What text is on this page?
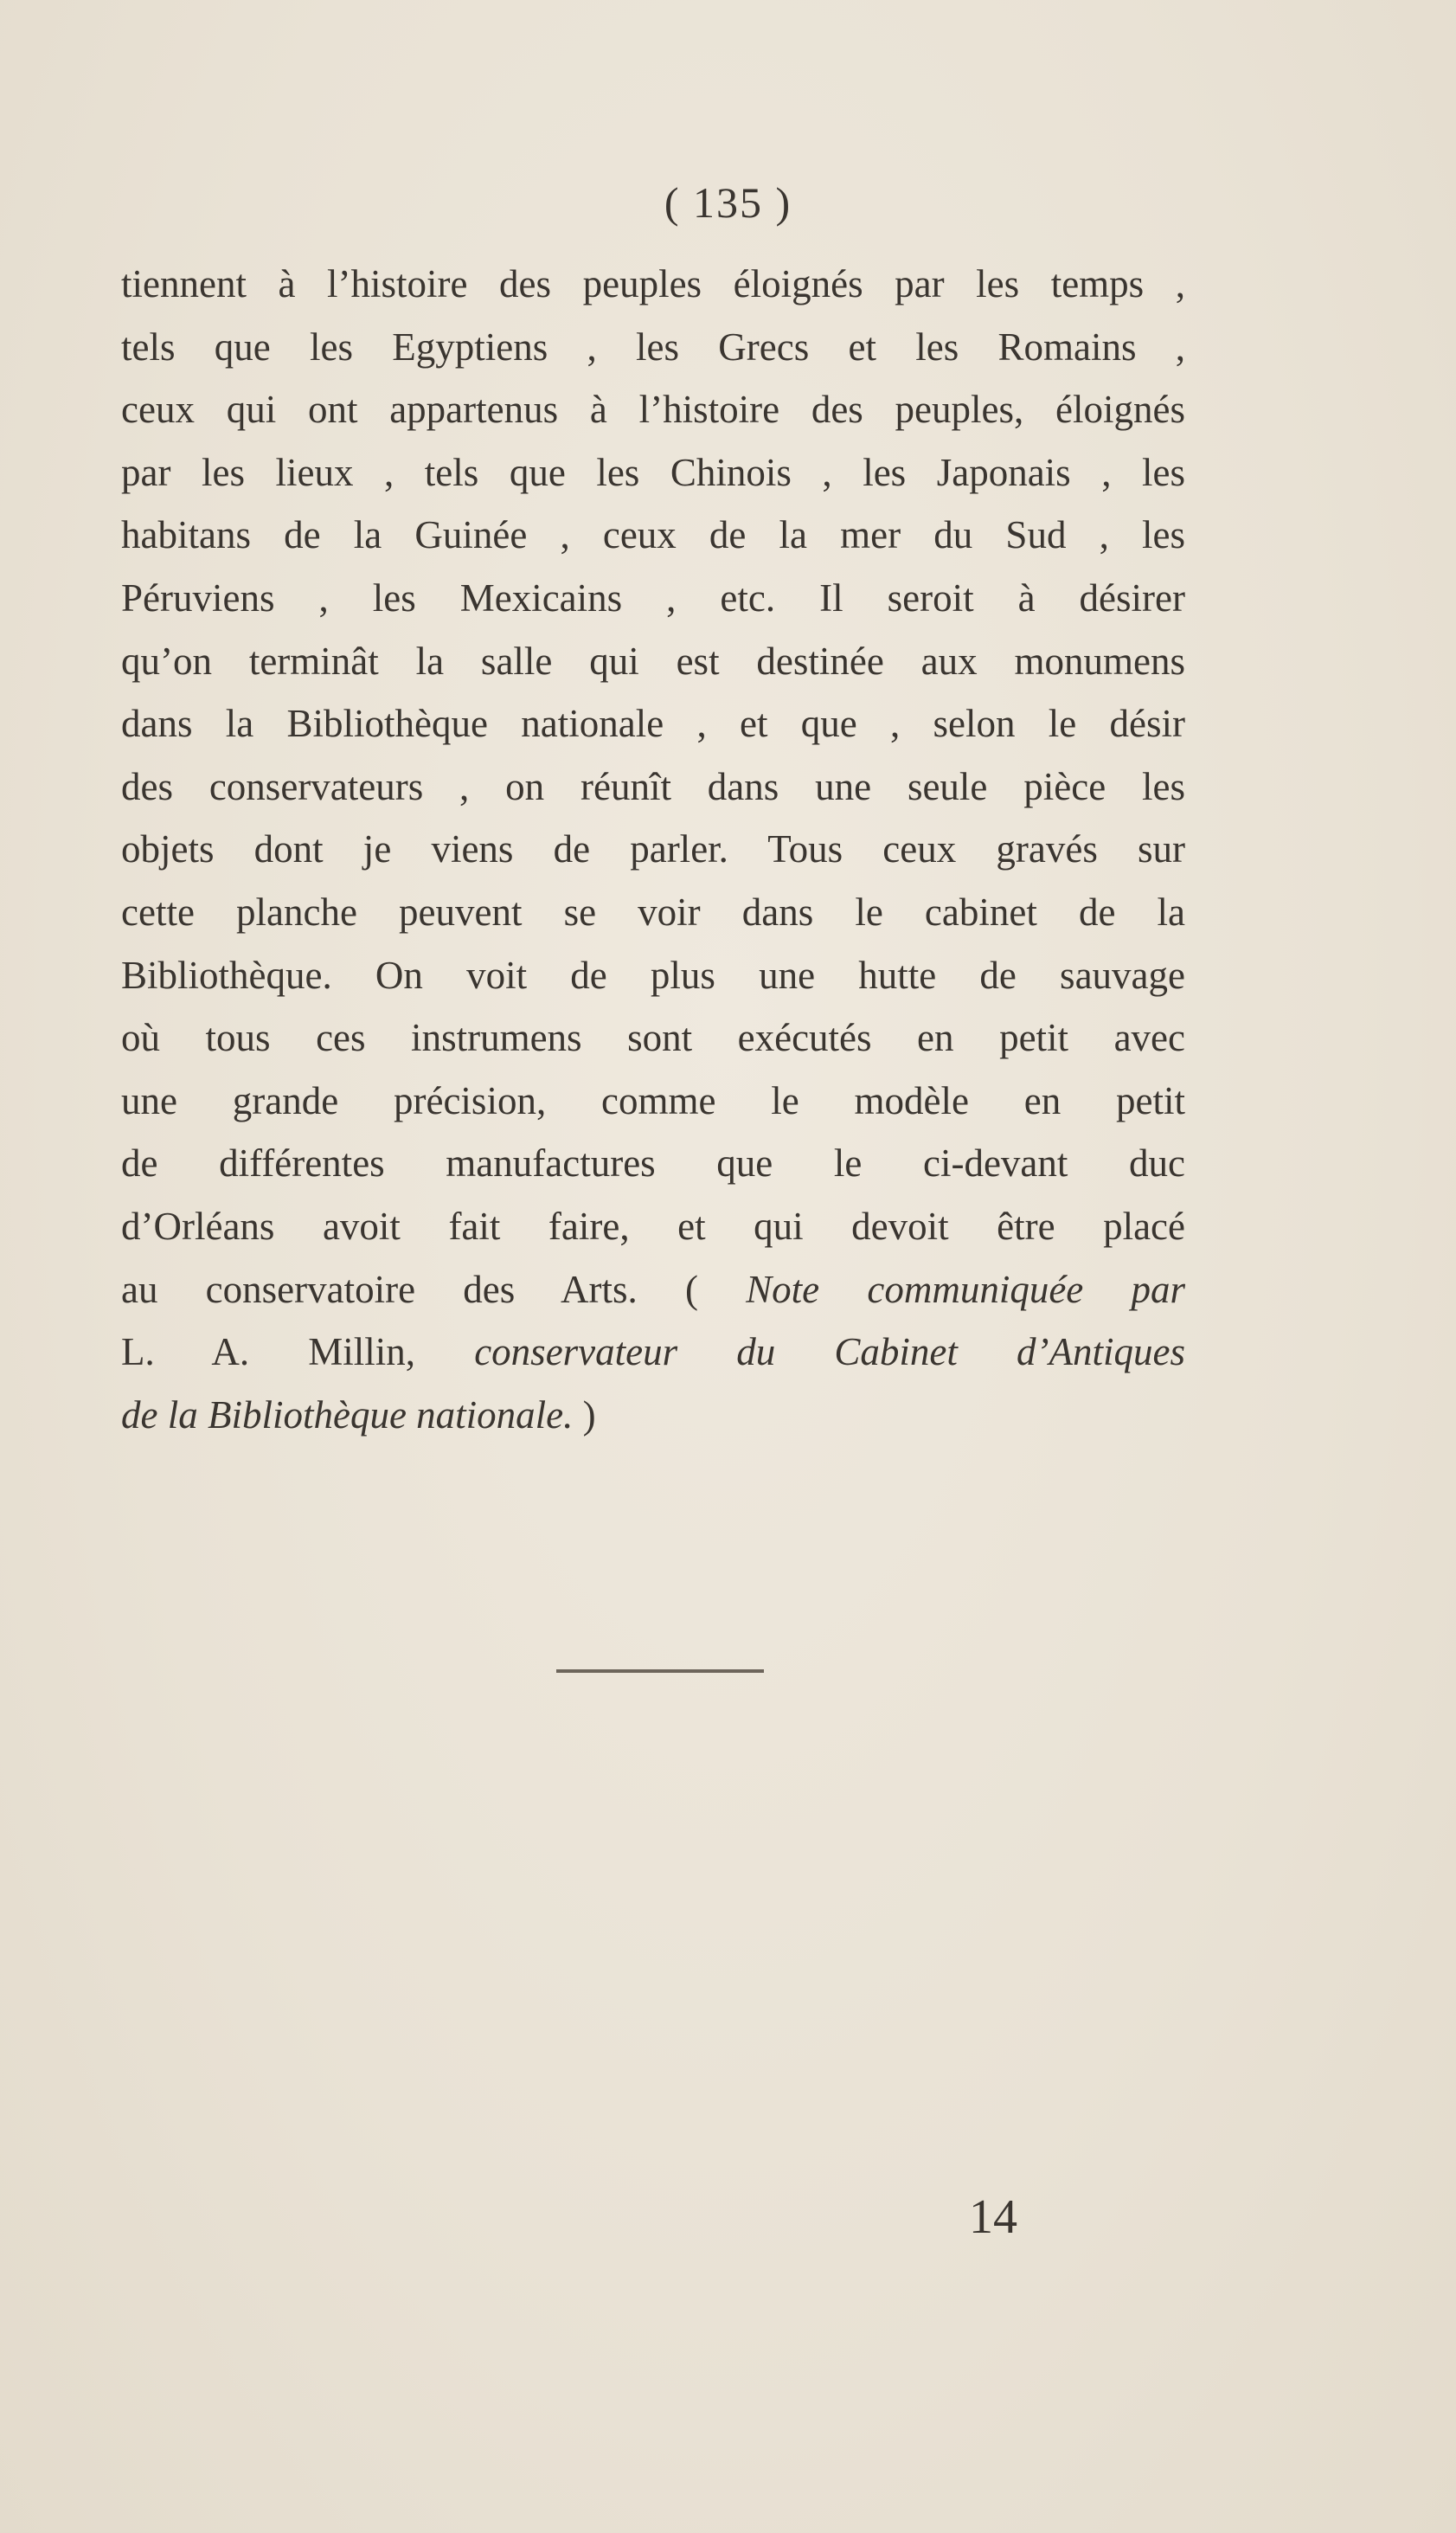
( 135 )
tiennent à l’histoire des peuples éloignés par les temps ,
tels que les Egyptiens , les Grecs et les Romains ,
ceux qui ont appartenus à l’histoire des peuples, éloignés
par les lieux , tels que les Chinois , les Japonais , les
habitans de la Guinée , ceux de la mer du Sud , les
Péruviens , les Mexicains , etc. Il seroit à désirer
qu’on terminât la salle qui est destinée aux monumens
dans la Bibliothèque nationale , et que , selon le désir
des conservateurs , on réunît dans une seule pièce les
objets dont je viens de parler. Tous ceux gravés sur
cette planche peuvent se voir dans le cabinet de la
Bibliothèque. On voit de plus une hutte de sauvage
où tous ces instrumens sont exécutés en petit avec
une grande précision, comme le modèle en petit
de différentes manufactures que le ci-devant duc
d’Orléans avoit fait faire, et qui devoit être placé
au conservatoire des Arts. ( Note communiquée par
L. A. Millin, conservateur du Cabinet d’Antiques
de la Bibliothèque nationale. )
14
